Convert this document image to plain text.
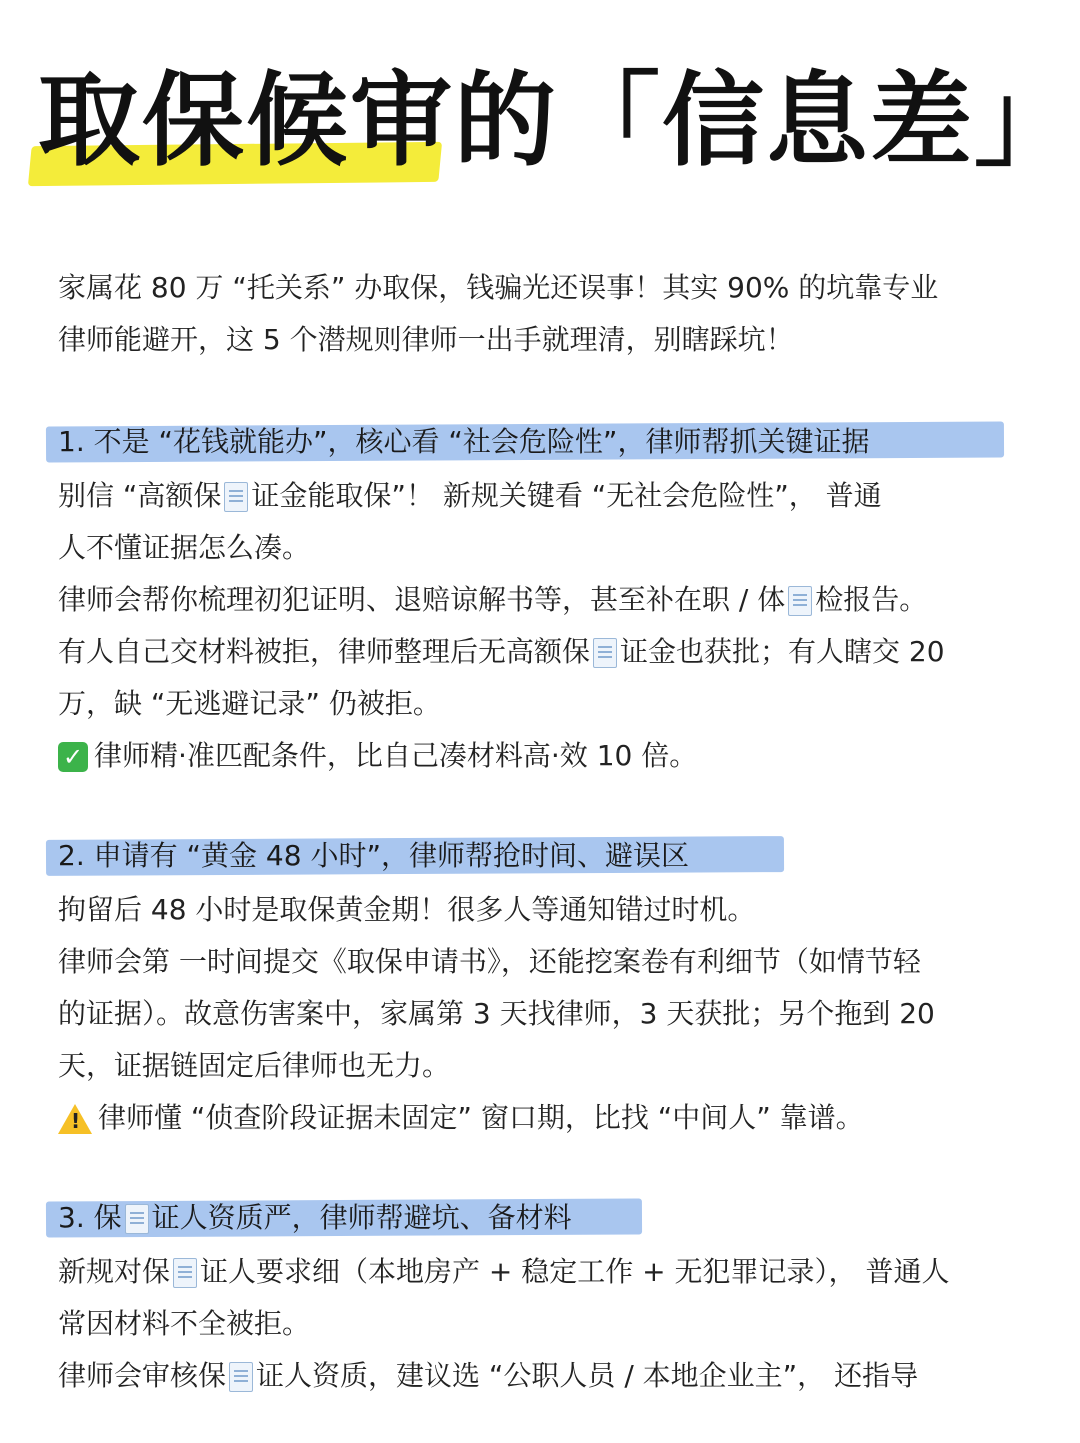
取保候审的「信息差」
家属花 80 万 “托关系” 办取保，钱骗光还误事！其实 90% 的坑靠专业
律师能避开，这 5 个潜规则律师一出手就理清，别瞎踩坑！
1. 不是 “花钱就能办”，核心看 “社会危险性”，律师帮抓关键证据
别信 “高额保 证金能取保”！ 新规关键看 “无社会危险性”， 普通
人不懂证据怎么凑。
律师会帮你梳理初犯证明、退赔谅解书等，甚至补在职 / 体 检报告。
有人自己交材料被拒，律师整理后无高额保 证金也获批；有人瞎交 20
万，缺 “无逃避记录” 仍被拒。
✓ 律师精·准匹配条件，比自己凑材料高·效 10 倍。
2. 申请有 “黄金 48 小时”，律师帮抢时间、避误区
拘留后 48 小时是取保黄金期！很多人等通知错过时机。
律师会第 一时间提交《取保申请书》，还能挖案卷有利细节（如情节轻
的证据）。故意伤害案中，家属第 3 天找律师，3 天获批；另个拖到 20
天，证据链固定后律师也无力。
!律师懂 “侦查阶段证据未固定” 窗口期，比找 “中间人” 靠谱。
3. 保 证人资质严，律师帮避坑、备材料
新规对保 证人要求细（本地房产 + 稳定工作 + 无犯罪记录）， 普通人
常因材料不全被拒。
律师会审核保 证人资质，建议选 “公职人员 / 本地企业主”， 还指导
